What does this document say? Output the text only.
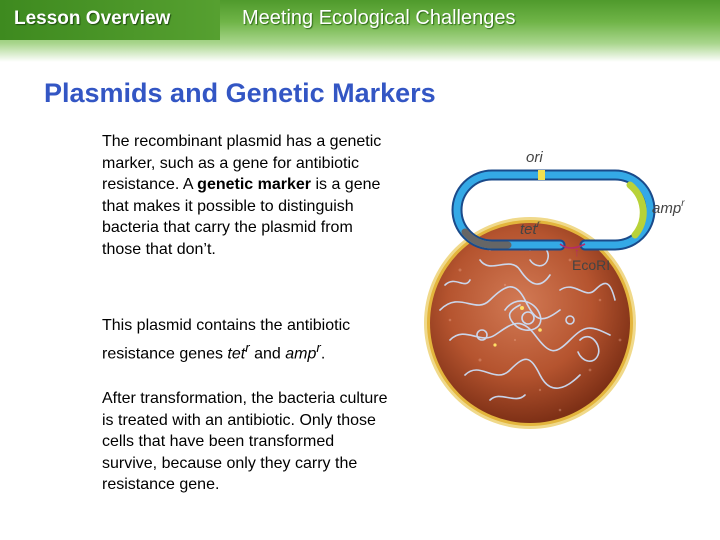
Lesson Overview	Meeting Ecological Challenges
Plasmids and Genetic Markers
The recombinant plasmid has a genetic marker, such as a gene for antibiotic resistance. A genetic marker is a gene that makes it possible to distinguish bacteria that carry the plasmid from those that don’t.
This plasmid contains the antibiotic resistance genes tet$^r$ and amp$^r$.
After transformation, the bacteria culture is treated with an antibiotic. Only those cells that have been transformed survive, because only they carry the resistance gene.
ori
amp$^r$
tet$^r$
↑
EcoRI
